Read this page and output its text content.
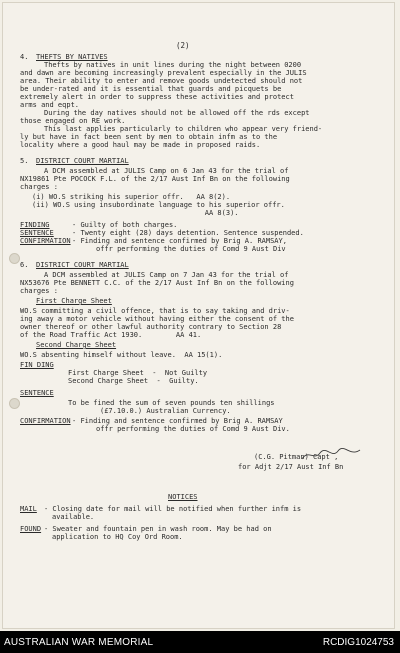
(2)
4. THEFTS BY NATIVES
Thefts by natives in unit lines during the night between 0200
and dawn are becoming increasingly prevalent especially in the JULIS
area. Their ability to enter and remove goods undetected should not
be under-rated and it is essential that guards and picquets be
extremely alert in order to suppress these activities and protect
arms and eqpt.
During the day natives should not be allowed off the rds except
those engaged on RE work.
This last applies particularly to children who appear very friend-
ly but have in fact been sent by men to obtain infm as to the
locality where a good haul may be made in proposed raids.
5. DISTRICT COURT MARTIAL
A DCM assembled at JULIS Camp on 6 Jan 43 for the trial of
NX19861 Pte POCOCK F.L. of the 2/17 Aust Inf Bn on the following
charges :
(i) WO.S striking his superior offr.   AA 8(2).
(ii) WO.S using insubordinate language to his superior offr.
AA 8(3).
FINDING	- Guilty of both charges.
SENTENCE	- Twenty eight (28) days detention. Sentence suspended.
CONFIRMATION - Finding and sentence confirmed by Brig A. RAMSAY,
offr performing the duties of Comd 9 Aust Div
6. DISTRICT COURT MARTIAL
A DCM assembled at JULIS Camp on 7 Jan 43 for the trial of
NX53676 Pte BENNETT C.C. of the 2/17 Aust Inf Bn on the following
charges :
First Charge Sheet
WO.S committing a civil offence, that is to say taking and driv-
ing away a motor vehicle without having either the consent of the
owner thereof or other lawful authority contrary to Section 28
of the Road Traffic Act 1930.        AA 41.
Second Charge Sheet
WO.S absenting himself without leave.  AA 15(1).
FIN DING
First Charge Sheet  -  Not Guilty
Second Charge Sheet  -  Guilty.
SENTENCE
To be fined the sum of seven pounds ten shillings
(£7.10.0.) Australian Currency.
CONFIRMATION - Finding and sentence confirmed by Brig A. RAMSAY
offr performing the duties of Comd 9 Aust Div.
(C.G. Pitman) Capt ,
for Adjt 2/17 Aust Inf Bn
NOTICES
MAIL - Closing date for mail will be notified when further infm is
available.
FOUND - Sweater and fountain pen in wash room. May be had on
application to HQ Coy Ord Room.
AUSTRALIAN WAR MEMORIAL	RCDIG1024753
